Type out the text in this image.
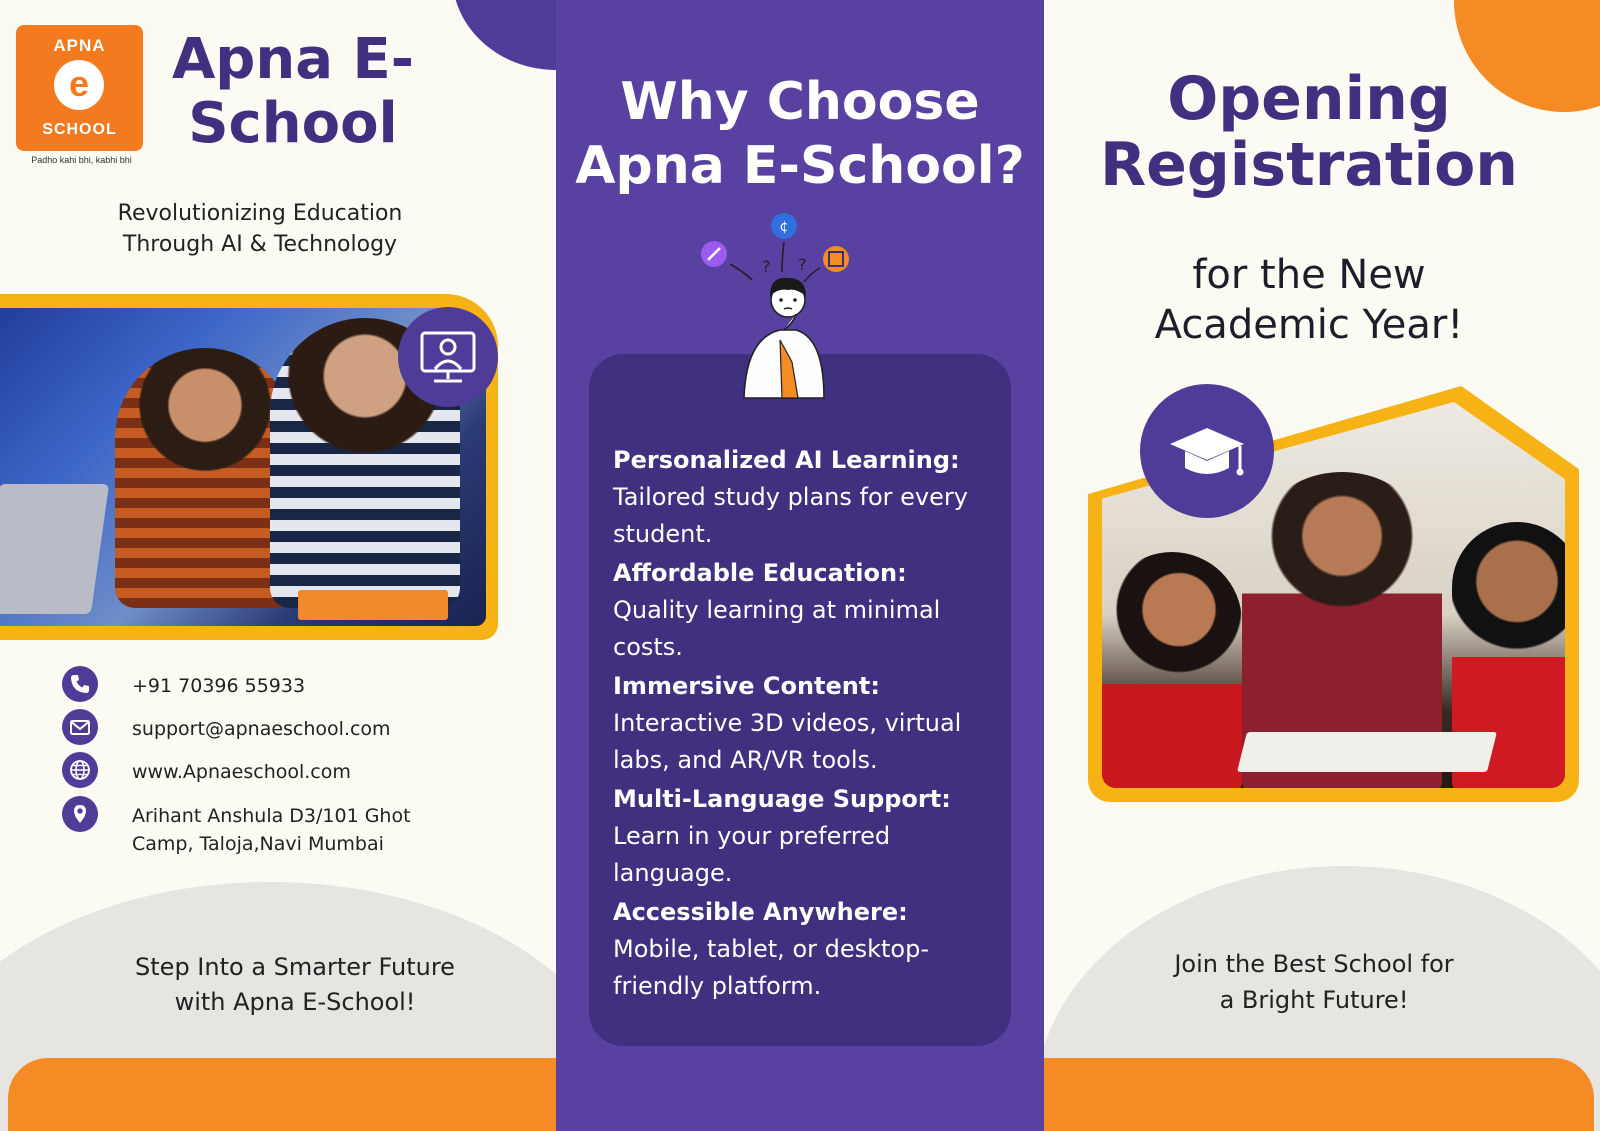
APNA
e
SCHOOL
Padho kahi bhi, kabhi bhi
Apna E-School
Revolutionizing Education Through AI & Technology
+91 70396 55933
support@apnaeschool.com
www.Apnaeschool.com
Arihant Anshula D3/101 Ghot
Camp, Taloja,Navi Mumbai
Step Into a Smarter Future
with Apna E-School!
Why Choose
Apna E-School?
¢
? ?
Personalized AI Learning:
Tailored study plans for every student.
Affordable Education:
Quality learning at minimal costs.
Immersive Content:
Interactive 3D videos, virtual labs, and AR/VR tools.
Multi-Language Support:
Learn in your preferred language.
Accessible Anywhere:
Mobile, tablet, or desktop-friendly platform.
Opening
Registration
for the New
Academic Year!
Join the Best School for
a Bright Future!
